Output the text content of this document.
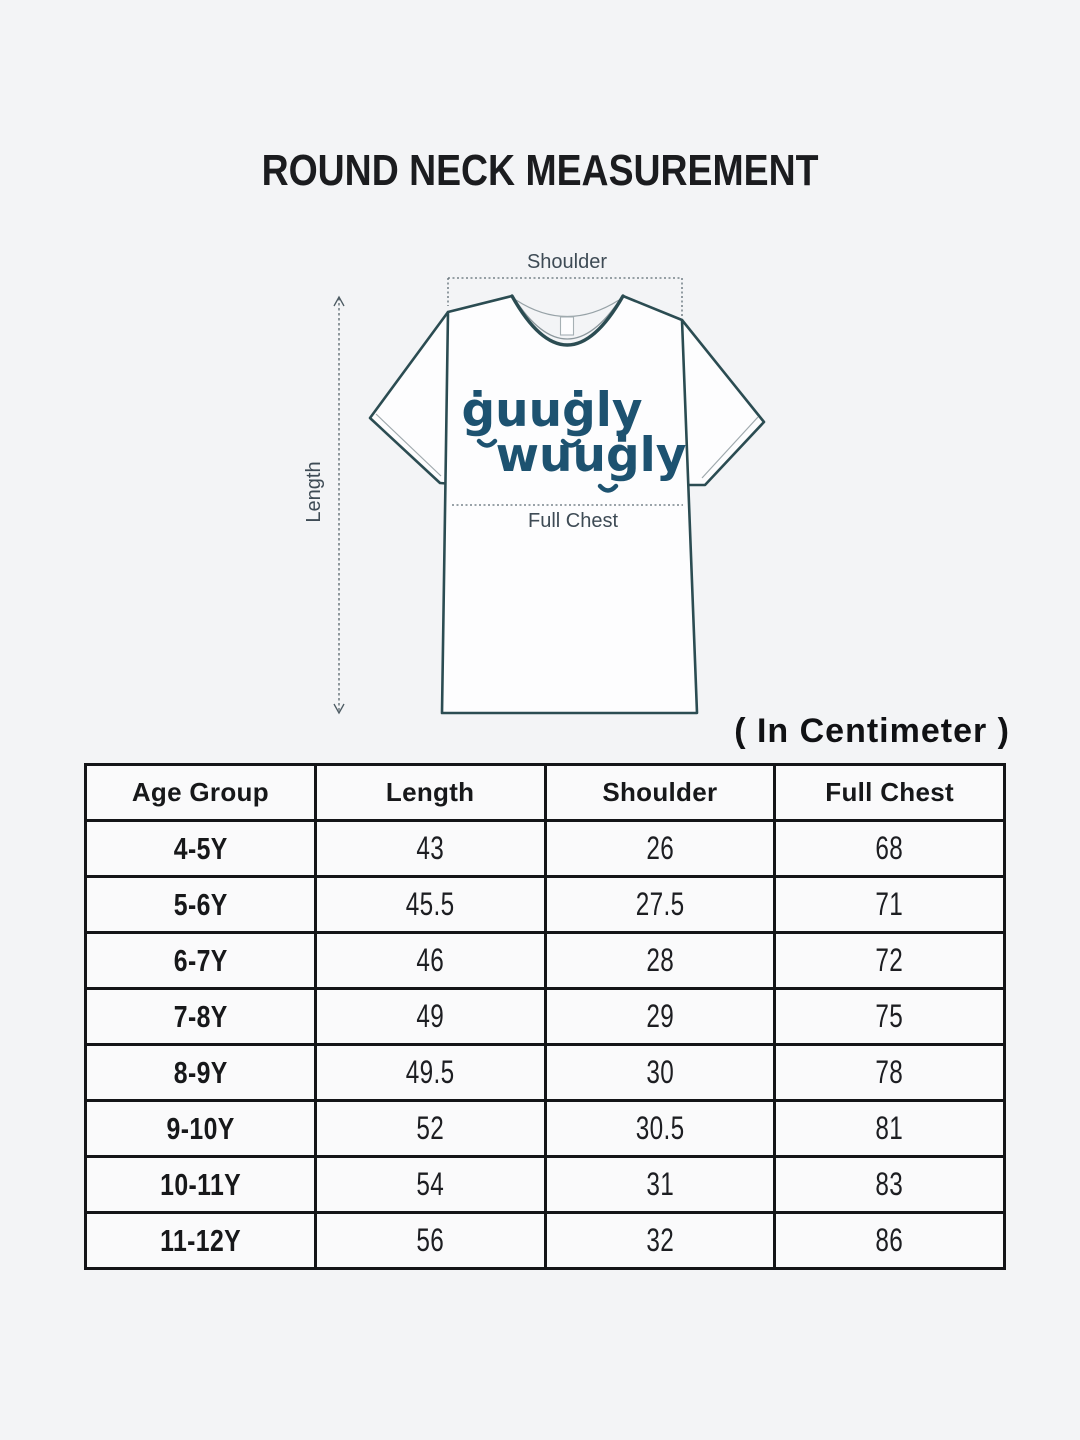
ROUND NECK MEASUREMENT
Shoulder
Length
ġuuġly
wuuġly
Full Chest
( In Centimeter )
Age Group	Length	Shoulder	Full Chest
4-5Y	43	26	68
5-6Y	45.5	27.5	71
6-7Y	46	28	72
7-8Y	49	29	75
8-9Y	49.5	30	78
9-10Y	52	30.5	81
10-11Y	54	31	83
11-12Y	56	32	86
